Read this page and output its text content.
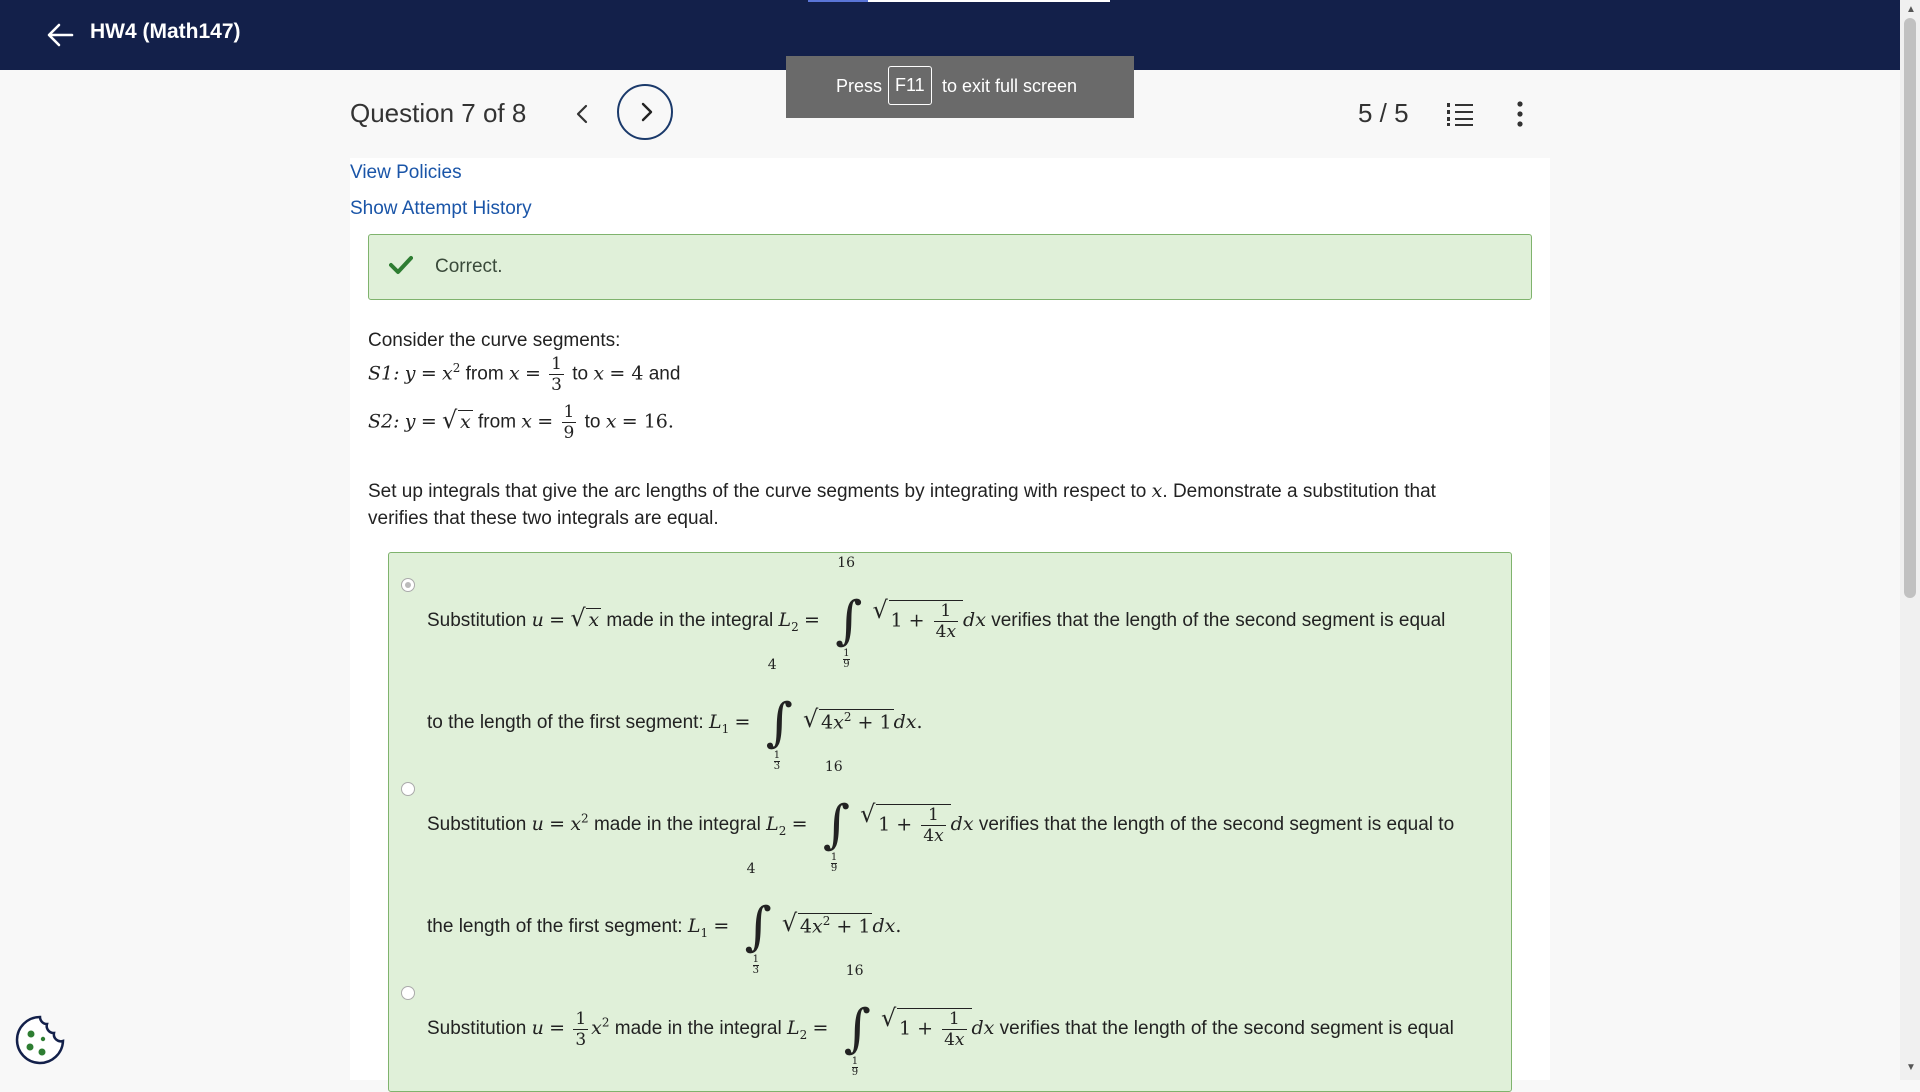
HW4 (Math147)
Question 7 of 8	5 / 5
Press F11 to exit full screen
View Policies
Show Attempt History
Correct.
Consider the curve segments:
S1: $y = x^2$ from $x = \frac{1}{3}$ to x = 4 and
S2: y = √ x from $x = \frac{1}{9}$ to x = 16.
Set up integrals that give the arc lengths of the curve segments by integrating with respect to x. Demonstrate a substitution that
verifies that these two integrals are equal.
Substitution u = √ x made in the integral $L_2$ =
16
∫
1
9

√ $1 + \frac{1}{4x}$ dx verifies that the length of the second segment is equal
to the length of the first segment: $L_1$ =
4
∫
1
3

√ $4x^2 + 1$ dx.
Substitution $u = x^2$ made in the integral $L_2$ =
16
∫
1
9

√ $1 + \frac{1}{4x}$ dx verifies that the length of the second segment is equal to
the length of the first segment: $L_1$ =
4
∫
1
3

√ $4x^2 + 1$ dx.
Substitution $u = \frac{1}{3} x^2$ made in the integral $L_2$ =
16
∫
1
9

√ $1 + \frac{1}{4x}$ dx verifies that the length of the second segment is equal
▲
▼
